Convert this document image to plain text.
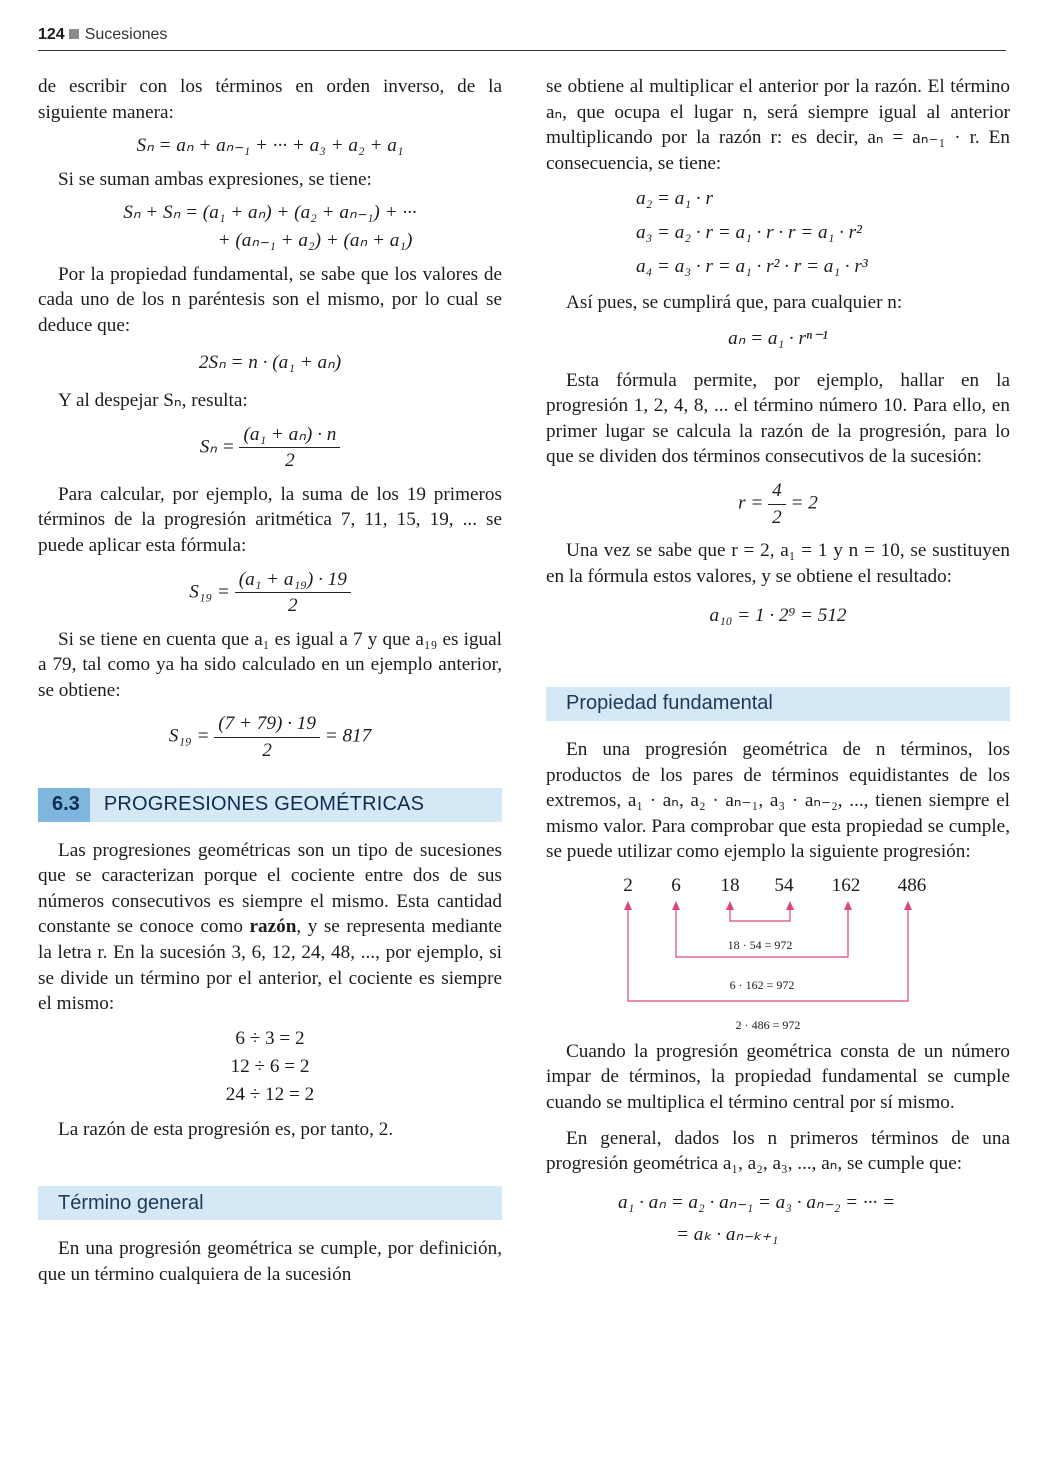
124 Sucesiones

de escribir con los términos en orden inverso, de la siguiente manera:

Sₙ = aₙ + aₙ₋₁ + ··· + a₃ + a₂ + a₁

Si se suman ambas expresiones, se tiene:

Sₙ + Sₙ = (a₁ + aₙ) + (a₂ + aₙ₋₁) + ···
+ (aₙ₋₁ + a₂) + (aₙ + a₁)

Por la propiedad fundamental, se sabe que los valores de cada uno de los n paréntesis son el mismo, por lo cual se deduce que:

2Sₙ = n · (a₁ + aₙ)

Y al despejar Sₙ, resulta:

$S_n = \frac{\text{(a₁ + aₙ) · n}}{2}$

Para calcular, por ejemplo, la suma de los 19 primeros términos de la progresión aritmética 7, 11, 15, 19, ... se puede aplicar esta fórmula:

$S_{19} = \frac{\text{(a₁ + a₁₉) · 19}}{2}$

Si se tiene en cuenta que a₁ es igual a 7 y que a₁₉ es igual a 79, tal como ya ha sido calculado en un ejemplo anterior, se obtiene:

$S_{19} = \frac{(7 + 79) \cdot 19}{2} = 817$
6.3	PROGRESIONES GEOMÉTRICAS

Las progresiones geométricas son un tipo de sucesiones que se caracterizan porque el cociente entre dos de sus números consecutivos es siempre el mismo. Esta cantidad constante se conoce como razón, y se representa mediante la letra r. En la sucesión 3, 6, 12, 24, 48, ..., por ejemplo, si se divide un término por el anterior, el cociente es siempre el mismo:

6 ÷ 3 = 2
12 ÷ 6 = 2
24 ÷ 12 = 2

La razón de esta progresión es, por tanto, 2.

Término general

En una progresión geométrica se cumple, por definición, que un término cualquiera de la sucesión

se obtiene al multiplicar el anterior por la razón. El término aₙ, que ocupa el lugar n, será siempre igual al anterior multiplicando por la razón r: es decir, aₙ = aₙ₋₁ · r. En consecuencia, se tiene:

a₂ = a₁ · r
a₃ = a₂ · r = a₁ · r · r = a₁ · r²
a₄ = a₃ · r = a₁ · r² · r = a₁ · r³

Así pues, se cumplirá que, para cualquier n:

aₙ = a₁ · rⁿ⁻¹

Esta fórmula permite, por ejemplo, hallar en la progresión 1, 2, 4, 8, ... el término número 10. Para ello, en primer lugar se calcula la razón de la progresión, para lo que se dividen dos términos consecutivos de la sucesión:

$r = \frac{4}{2} = 2$

Una vez se sabe que r = 2, a₁ = 1 y n = 10, se sustituyen en la fórmula estos valores, y se obtiene el resultado:

a₁₀ = 1 · 2⁹ = 512
Propiedad fundamental

En una progresión geométrica de n términos, los productos de los pares de términos equidistantes de los extremos, a₁ · aₙ, a₂ · aₙ₋₁, a₃ · aₙ₋₂, ..., tienen siempre el mismo valor. Para comprobar que esta propiedad se cumple, se puede utilizar como ejemplo la siguiente progresión:

2 6 18 54 162 486
18 · 54 = 972
6 · 162 = 972
2 · 486 = 972

Cuando la progresión geométrica consta de un número impar de términos, la propiedad fundamental se cumple cuando se multiplica el término central por sí mismo.

En general, dados los n primeros términos de una progresión geométrica a₁, a₂, a₃, ..., aₙ, se cumple que:

a₁ · aₙ = a₂ · aₙ₋₁ = a₃ · aₙ₋₂ = ··· =
= aₖ · aₙ₋ₖ₊₁
